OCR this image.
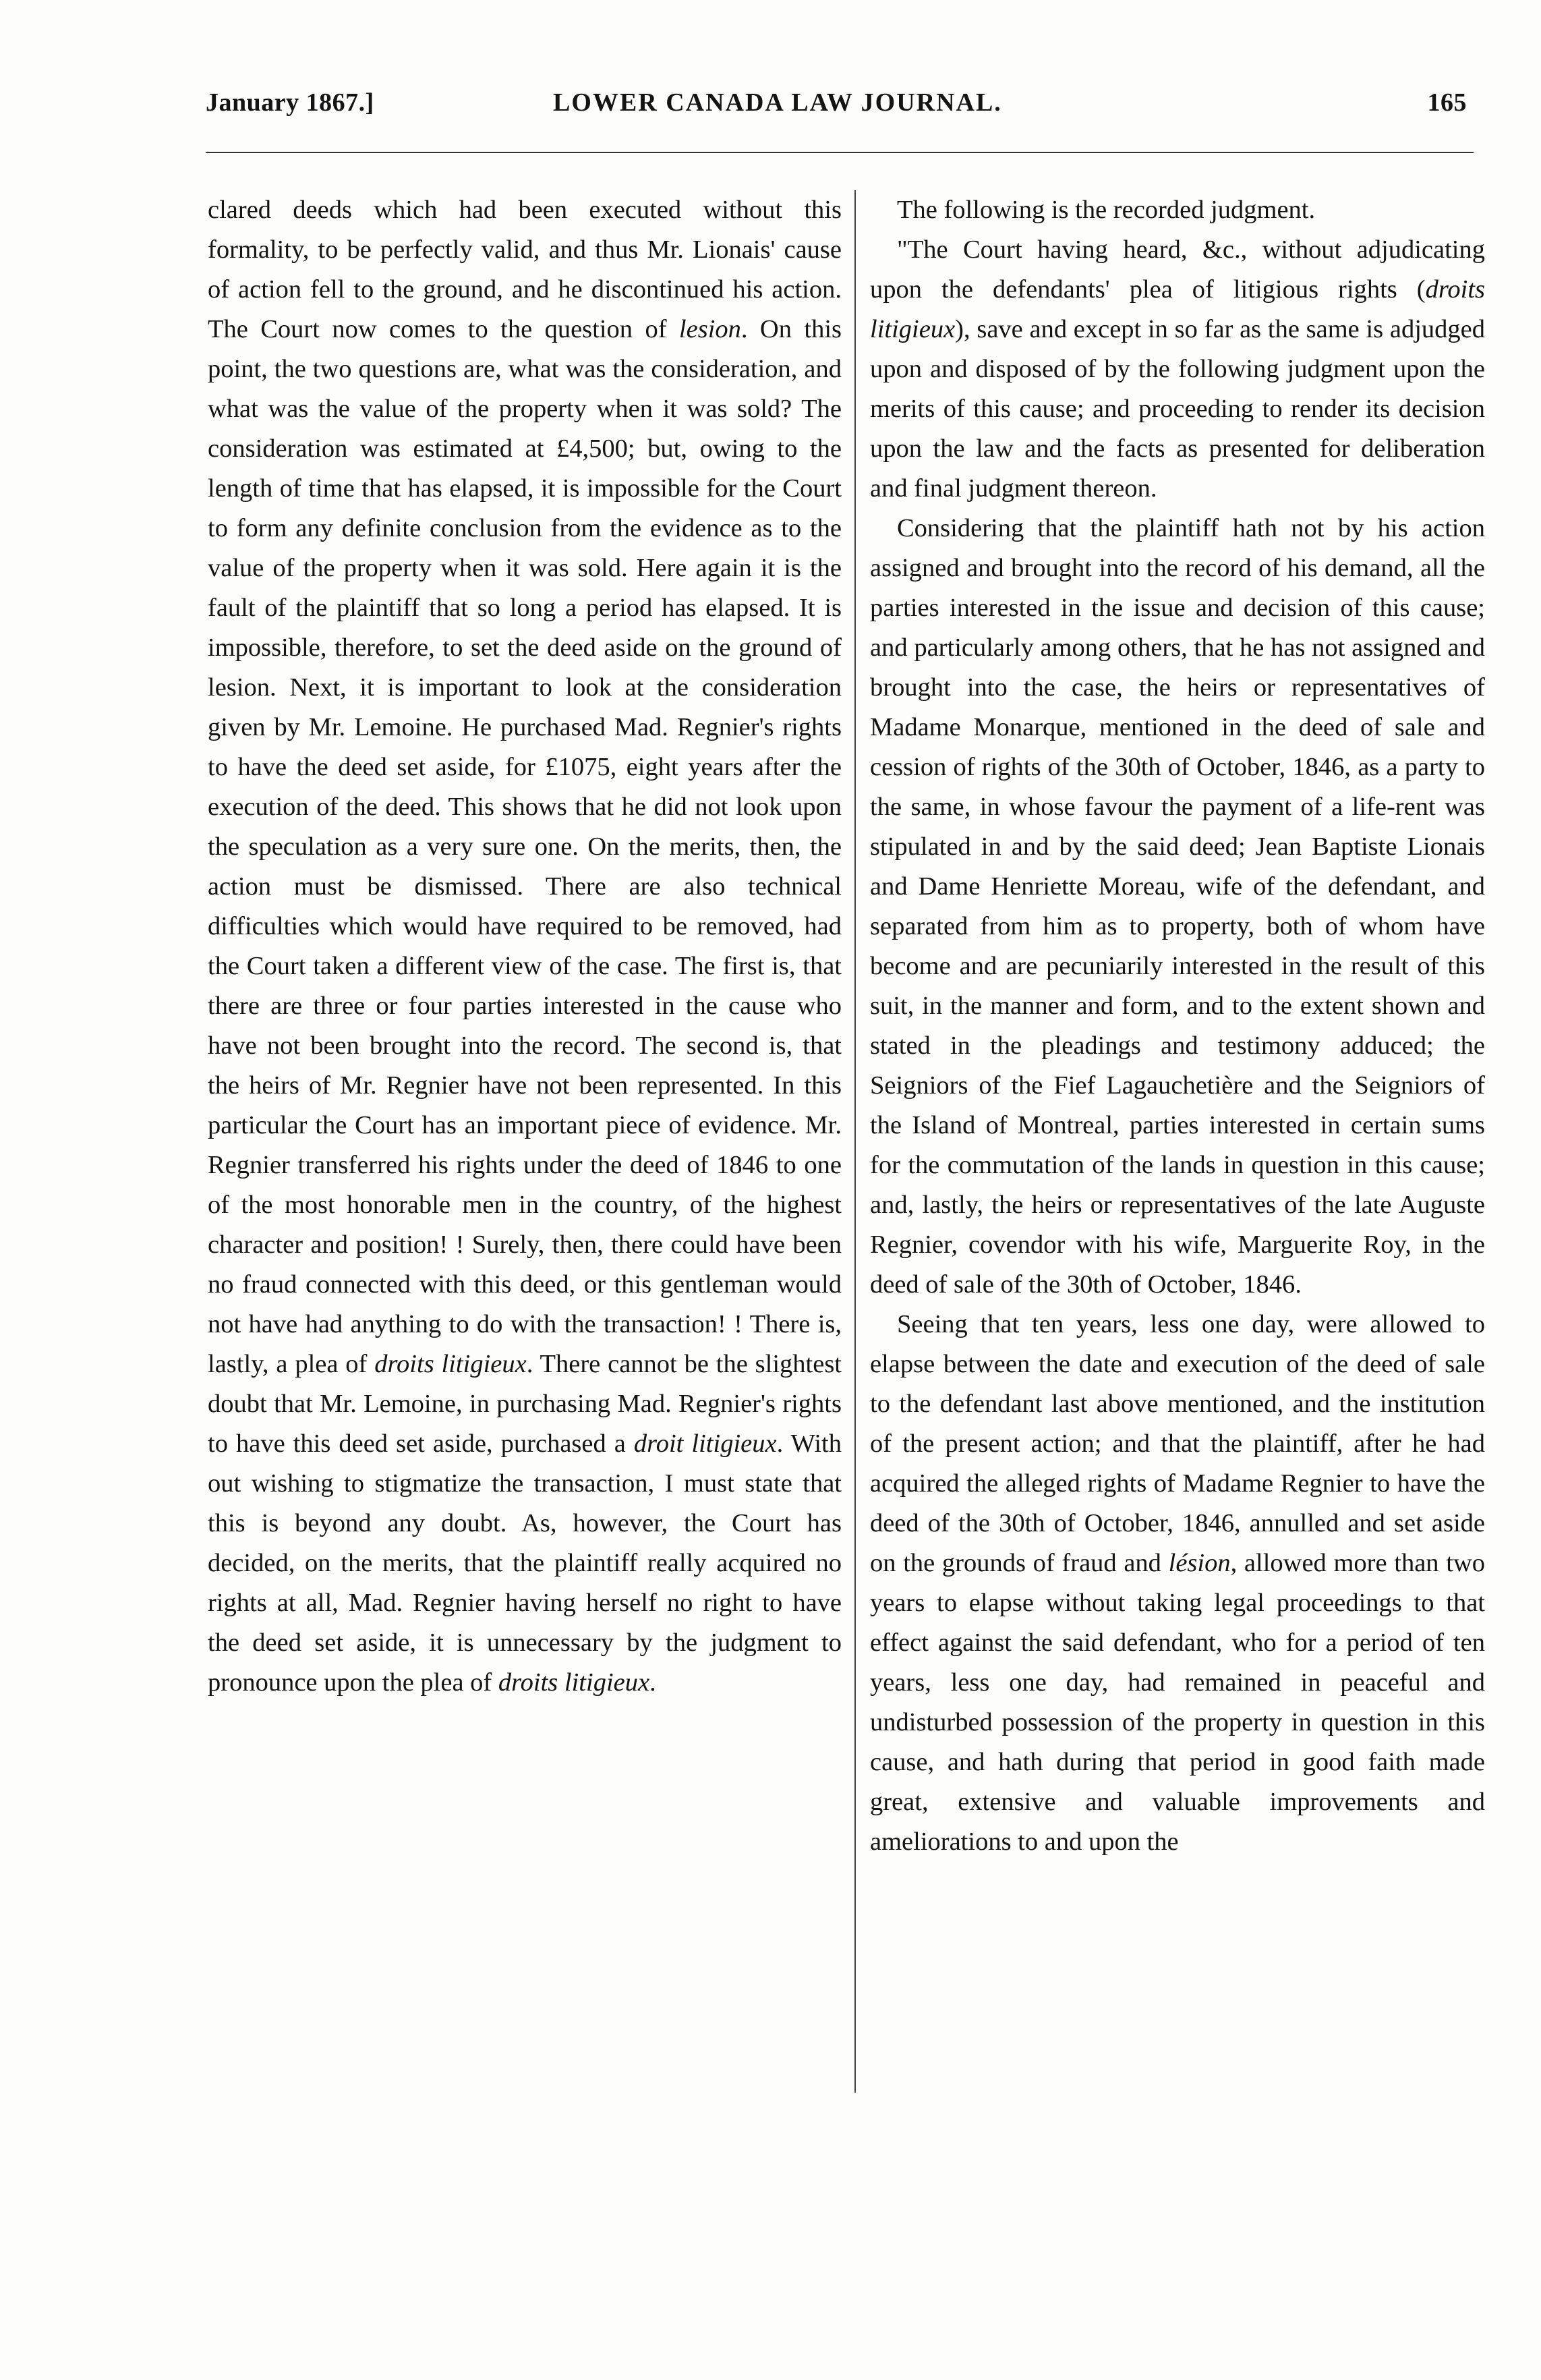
January 1867.]	LOWER CANADA LAW JOURNAL.	165

clared deeds which had been executed without this formality, to be perfectly valid, and thus Mr. Lionais' cause of action fell to the ground, and he discontinued his action. The Court now comes to the question of lesion. On this point, the two questions are, what was the consideration, and what was the value of the property when it was sold? The consideration was estimated at £4,500; but, owing to the length of time that has elapsed, it is impossible for the Court to form any definite conclusion from the evidence as to the value of the property when it was sold. Here again it is the fault of the plaintiff that so long a period has elapsed. It is impossible, therefore, to set the deed aside on the ground of lesion. Next, it is important to look at the consideration given by Mr. Lemoine. He purchased Mad. Regnier's rights to have the deed set aside, for £1075, eight years after the execution of the deed. This shows that he did not look upon the speculation as a very sure one. On the merits, then, the action must be dismissed. There are also technical difficulties which would have required to be removed, had the Court taken a different view of the case. The first is, that there are three or four parties interested in the cause who have not been brought into the record. The second is, that the heirs of Mr. Regnier have not been represented. In this particular the Court has an important piece of evidence. Mr. Regnier transferred his rights under the deed of 1846 to one of the most honorable men in the country, of the highest character and position! ! Surely, then, there could have been no fraud connected with this deed, or this gentleman would not have had anything to do with the transaction! ! There is, lastly, a plea of droits litigieux. There cannot be the slightest doubt that Mr. Lemoine, in purchasing Mad. Regnier's rights to have this deed set aside, purchased a droit litigieux. With out wishing to stigmatize the transaction, I must state that this is beyond any doubt. As, however, the Court has decided, on the merits, that the plaintiff really acquired no rights at all, Mad. Regnier having herself no right to have the deed set aside, it is unnecessary by the judgment to pronounce upon the plea of droits litigieux.

The following is the recorded judgment.

"The Court having heard, &c., without adjudicating upon the defendants' plea of litigious rights (droits litigieux), save and except in so far as the same is adjudged upon and disposed of by the following judgment upon the merits of this cause; and proceeding to render its decision upon the law and the facts as presented for deliberation and final judgment thereon.

Considering that the plaintiff hath not by his action assigned and brought into the record of his demand, all the parties interested in the issue and decision of this cause; and particularly among others, that he has not assigned and brought into the case, the heirs or representatives of Madame Monarque, mentioned in the deed of sale and cession of rights of the 30th of October, 1846, as a party to the same, in whose favour the payment of a life-rent was stipulated in and by the said deed; Jean Baptiste Lionais and Dame Henriette Moreau, wife of the defendant, and separated from him as to property, both of whom have become and are pecuniarily interested in the result of this suit, in the manner and form, and to the extent shown and stated in the pleadings and testimony adduced; the Seigniors of the Fief Lagauchetière and the Seigniors of the Island of Montreal, parties interested in certain sums for the commutation of the lands in question in this cause; and, lastly, the heirs or representatives of the late Auguste Regnier, covendor with his wife, Marguerite Roy, in the deed of sale of the 30th of October, 1846.

Seeing that ten years, less one day, were allowed to elapse between the date and execution of the deed of sale to the defendant last above mentioned, and the institution of the present action; and that the plaintiff, after he had acquired the alleged rights of Madame Regnier to have the deed of the 30th of October, 1846, annulled and set aside on the grounds of fraud and lésion, allowed more than two years to elapse without taking legal proceedings to that effect against the said defendant, who for a period of ten years, less one day, had remained in peaceful and undisturbed possession of the property in question in this cause, and hath during that period in good faith made great, extensive and valuable improvements and ameliorations to and upon the
